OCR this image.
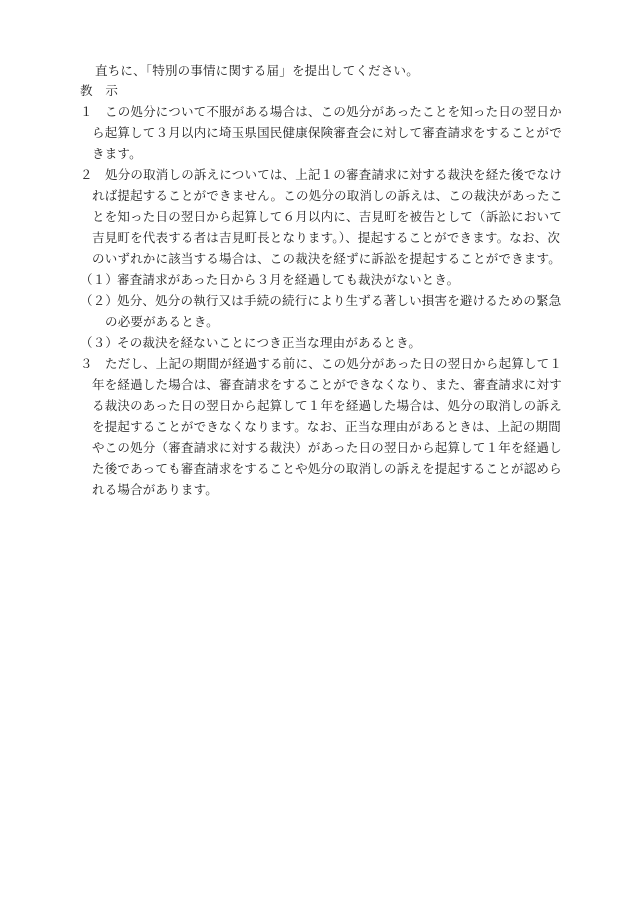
直ちに、「特別の事情に関する届」を提出してください。
教　示
１ この処分について不服がある場合は、この処分があったことを知った日の翌日か
ら起算して３月以内に埼玉県国民健康保険審査会に対して審査請求をすることがで
きます。
２ 処分の取消しの訴えについては、上記１の審査請求に対する裁決を経た後でなけ
れば提起することができません。この処分の取消しの訴えは、この裁決があったこ
とを知った日の翌日から起算して６月以内に、吉見町を被告として（訴訟において
吉見町を代表する者は吉見町長となります。）、提起することができます。なお、次
のいずれかに該当する場合は、この裁決を経ずに訴訟を提起することができます。
（１）
審査請求があった日から３月を経過しても裁決がないとき。
（２）
処分、処分の執行又は手続の続行により生ずる著しい損害を避けるための緊急
の必要があるとき。
（３）
その裁決を経ないことにつき正当な理由があるとき。
３ ただし、上記の期間が経過する前に、この処分があった日の翌日から起算して１
年を経過した場合は、審査請求をすることができなくなり、また、審査請求に対す
る裁決のあった日の翌日から起算して１年を経過した場合は、処分の取消しの訴え
を提起することができなくなります。なお、正当な理由があるときは、上記の期間
やこの処分（審査請求に対する裁決）があった日の翌日から起算して１年を経過し
た後であっても審査請求をすることや処分の取消しの訴えを提起することが認めら
れる場合があります。
